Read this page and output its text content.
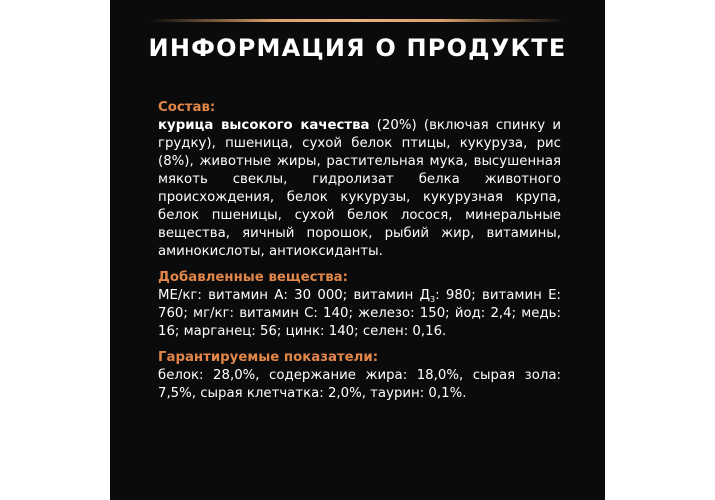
ИНФОРМАЦИЯ О ПРОДУКТЕ
Состав:
курица высокого качества (20%) (включая спинку и грудку), пшеница, сухой белок птицы, кукуруза, рис (8%), животные жиры, растительная мука, высушенная мякоть свеклы, гидролизат белка животного происхождения, белок кукурузы, кукурузная крупа, белок пшеницы, сухой белок лосося, минеральные вещества, яичный порошок, рыбий жир, витамины, аминокислоты, антиоксиданты.
Добавленные вещества:
МЕ/кг: витамин А: 30 000; витамин $Д_3$: 980; витамин Е: 760; мг/кг: витамин С: 140; железо: 150; йод: 2,4; медь: 16; марганец: 56; цинк: 140; селен: 0,16.
Гарантируемые показатели:
белок: 28,0%, содержание жира: 18,0%, сырая зола: 7,5%, сырая клетчатка: 2,0%, таурин: 0,1%.
